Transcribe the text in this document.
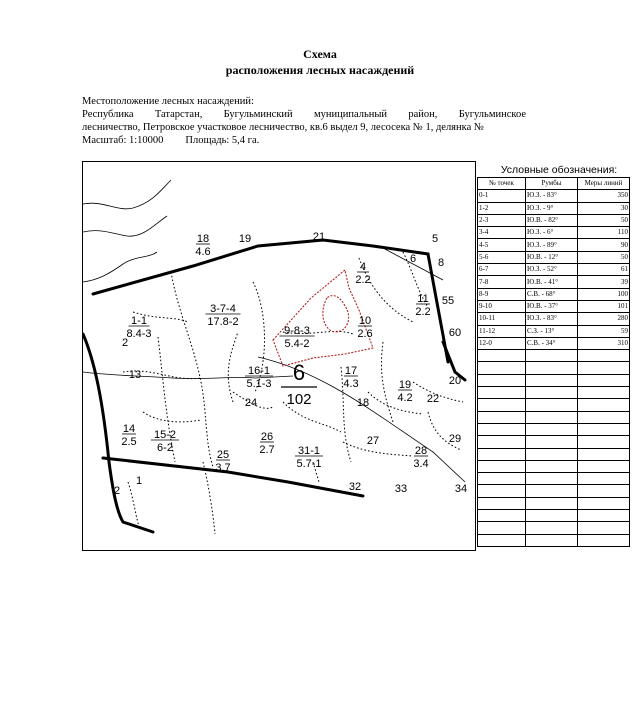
Схема
расположения лесных насаждений
Местоположение лесных насаждений:
Республика Татарстан, Бугульминский муниципальный район, Бугульминское
лесничество, Петровское участковое лесничество, кв.6 выдел 9, лесосека № 1, делянка №
Масштаб: 1:10000 Площадь: 5,4 га.
18
4.6
19	21
4
2.2
6 8
5
1-1
8.4-3
3-7-4
17.8-2
9-8-3
5.4-2
10
2.6
11
2.2
55
60
2
13	16-1
5.1-3
17
4.3	19
4.2
20
24	18	22
14
2.5
15-2
6-2
26
2.7 31-1
5.7-1
27
28
3.4
29
25
3.7
1
2	32	33	34
6
102
Условные обозначения:
№ точек	Румбы	Меры линий
0-1	Ю.З. - 83°	350
1-2	Ю.З. - 9°	30
2-3	Ю.В. - 82°	50
3-4	Ю.З. - 6°	110
4-5	Ю.З. - 89°	90
5-6	Ю.В. - 12°	50
6-7	Ю.З. - 52°	61
7-8	Ю.В. - 41°	39
8-9	С.В. - 68°	100
9-10	Ю.В. - 37°	101
10-11	Ю.З. - 83°	280
11-12	С.З. - 13°	59
12-0	С.В. - 34°	310
